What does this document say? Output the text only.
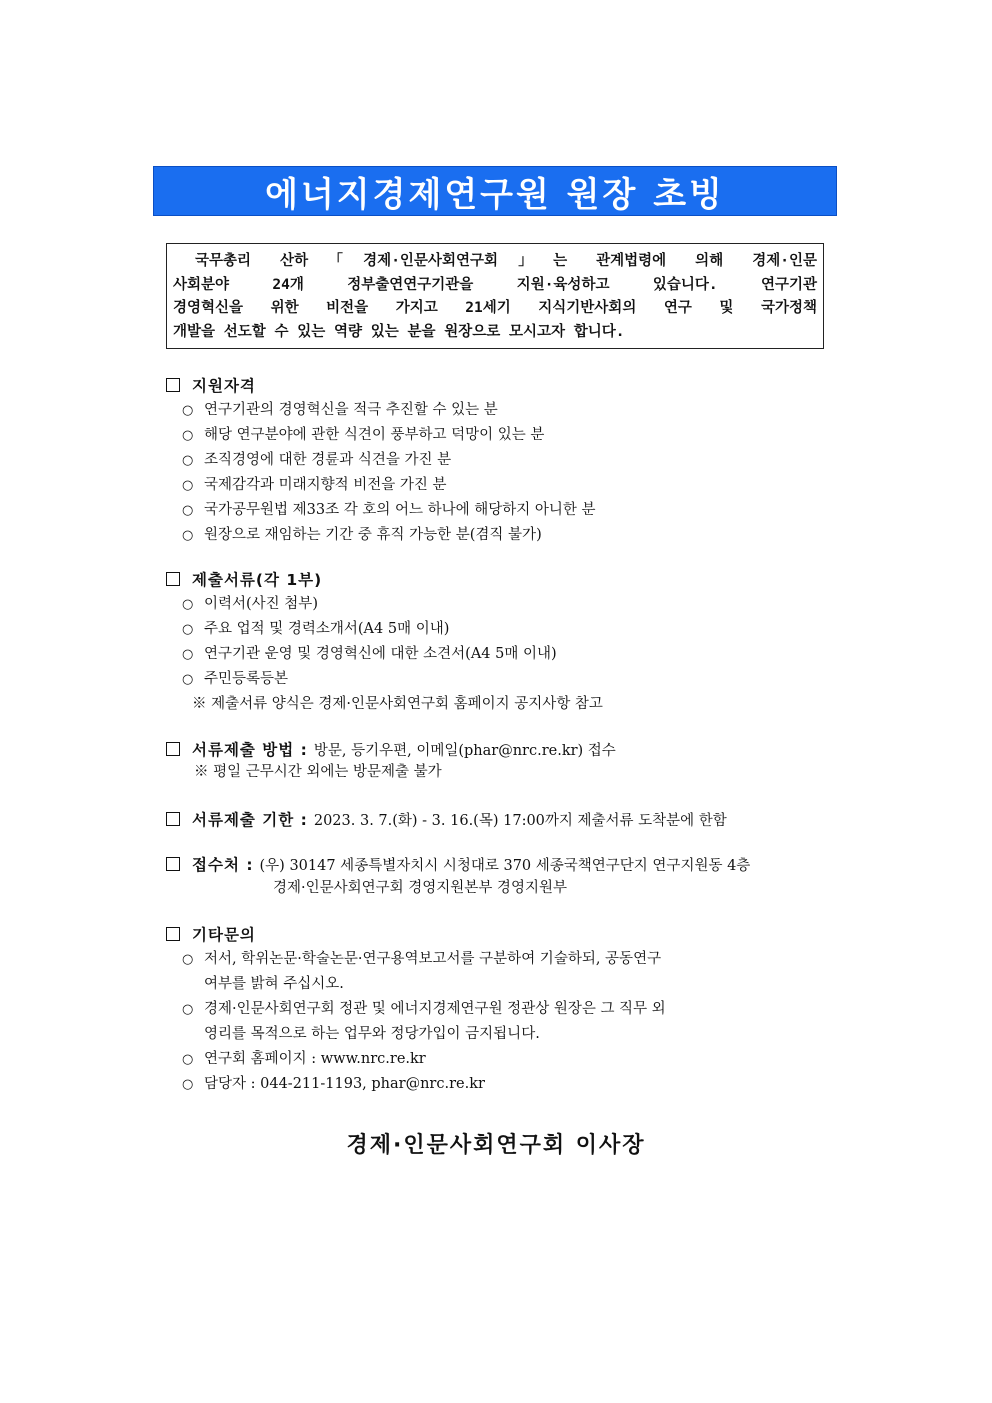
에너지경제연구원 원장 초빙

국무총리 산하「경제·인문사회연구회」는 관계법령에 의해 경제·인문

사회분야 24개 정부출연연구기관을 지원·육성하고 있습니다. 연구기관

경영혁신을 위한 비전을 가지고 21세기 지식기반사회의 연구 및 국가정책

개발을 선도할 수 있는 역량 있는 분을 원장으로 모시고자 합니다.

지원자격
○ 연구기관의 경영혁신을 적극 추진할 수 있는 분
○ 해당 연구분야에 관한 식견이 풍부하고 덕망이 있는 분
○ 조직경영에 대한 경륜과 식견을 가진 분
○ 국제감각과 미래지향적 비전을 가진 분
○ 국가공무원법 제33조 각 호의 어느 하나에 해당하지 아니한 분
○ 원장으로 재임하는 기간 중 휴직 가능한 분(겸직 불가)
제출서류(각 1부)
○ 이력서(사진 첨부)
○ 주요 업적 및 경력소개서(A4 5매 이내)
○ 연구기관 운영 및 경영혁신에 대한 소견서(A4 5매 이내)
○ 주민등록등본
※ 제출서류 양식은 경제·인문사회연구회 홈페이지 공지사항 참고
서류제출 방법 : 방문, 등기우편, 이메일(phar@nrc.re.kr) 접수
※ 평일 근무시간 외에는 방문제출 불가
서류제출 기한 : 2023. 3. 7.(화) - 3. 16.(목) 17:00까지 제출서류 도착분에 한함
접수처 : (우) 30147 세종특별자치시 시청대로 370 세종국책연구단지 연구지원동 4층
경제·인문사회연구회 경영지원본부 경영지원부
기타문의
○ 저서, 학위논문·학술논문·연구용역보고서를 구분하여 기술하되, 공동연구
여부를 밝혀 주십시오.
○ 경제·인문사회연구회 정관 및 에너지경제연구원 정관상 원장은 그 직무 외
영리를 목적으로 하는 업무와 정당가입이 금지됩니다.
○ 연구회 홈페이지 : www.nrc.re.kr
○ 담당자 : 044-211-1193, phar@nrc.re.kr
경제·인문사회연구회 이사장
